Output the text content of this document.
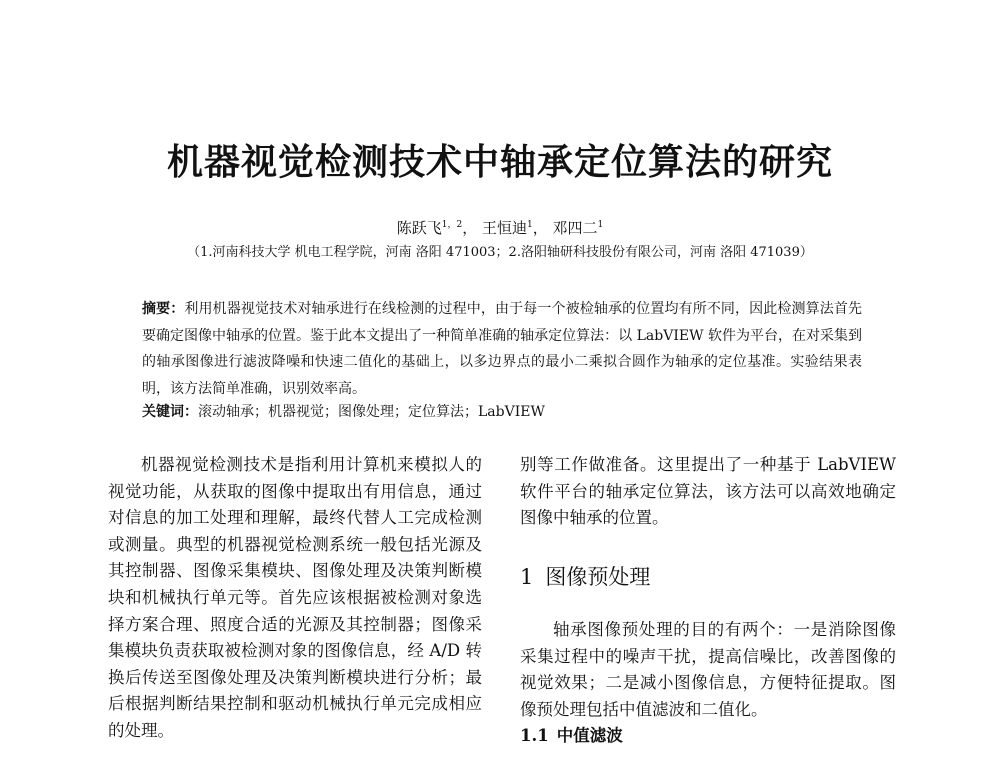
机器视觉检测技术中轴承定位算法的研究
陈跃飞$^{1,2}$， 王恒迪$^1$， 邓四二$^1$
（1.河南科技大学 机电工程学院，河南 洛阳 471003；2.洛阳轴研科技股份有限公司，河南 洛阳 471039）
摘要：利用机器视觉技术对轴承进行在线检测的过程中，由于每一个被检轴承的位置均有所不同，因此检测算法首先要确定图像中轴承的位置。鉴于此本文提出了一种简单准确的轴承定位算法：以 LabVIEW 软件为平台，在对采集到的轴承图像进行滤波降噪和快速二值化的基础上，以多边界点的最小二乘拟合圆作为轴承的定位基准。实验结果表明，该方法简单准确，识别效率高。
关键词：滚动轴承；机器视觉；图像处理；定位算法；LabVIEW

机器视觉检测技术是指利用计算机来模拟人的视觉功能，从获取的图像中提取出有用信息，通过对信息的加工处理和理解，最终代替人工完成检测或测量。典型的机器视觉检测系统一般包括光源及其控制器、图像采集模块、图像处理及决策判断模块和机械执行单元等。首先应该根据被检测对象选择方案合理、照度合适的光源及其控制器；图像采集模块负责获取被检测对象的图像信息，经 A/D 转换后传送至图像处理及决策判断模块进行分析；最后根据判断结果控制和驱动机械执行单元完成相应的处理。

别等工作做准备。这里提出了一种基于 LabVIEW 软件平台的轴承定位算法，该方法可以高效地确定图像中轴承的位置。

1 图像预处理

轴承图像预处理的目的有两个：一是消除图像采集过程中的噪声干扰，提高信噪比，改善图像的视觉效果；二是减小图像信息，方便特征提取。图像预处理包括中值滤波和二值化。

1.1 中值滤波
